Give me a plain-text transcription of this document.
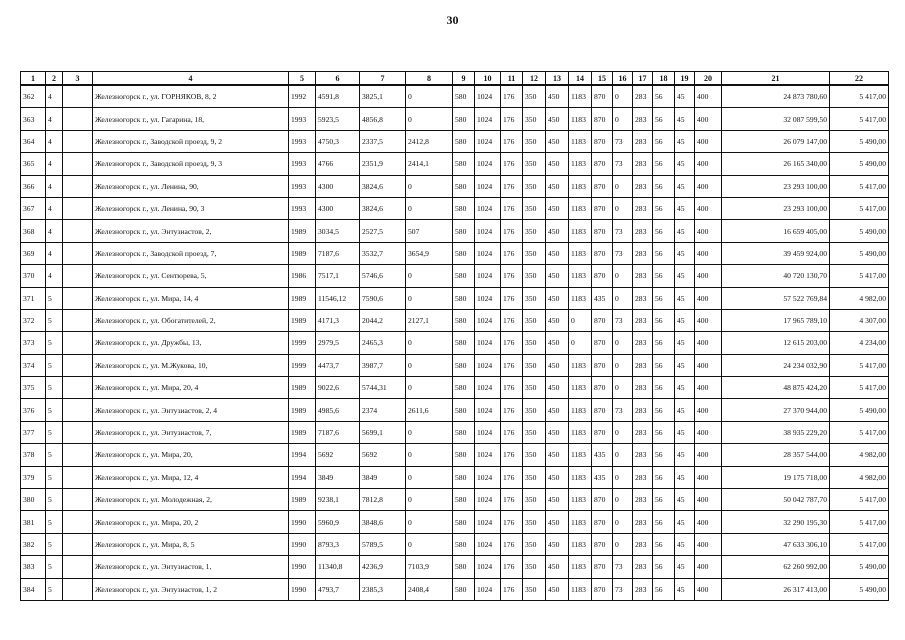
30
1	2	3	4	5	6	7	8	9	10	11	12	13	14	15	16	17	18	19	20	21	22
362	4		Железногорск г., ул. ГОРНЯКОВ, 8, 2	1992	4591,8	3825,1	0	580	1024	176	350	450	1183	870	0	283	56	45	400	24 873 780,60	5 417,00
363	4		Железногорск г., ул. Гагарина, 18,	1993	5923,5	4856,8	0	580	1024	176	350	450	1183	870	0	283	56	45	400	32 087 599,50	5 417,00
364	4		Железногорск г., Заводской проезд, 9, 2	1993	4750,3	2337,5	2412,8	580	1024	176	350	450	1183	870	73	283	56	45	400	26 079 147,00	5 490,00
365	4		Железногорск г., Заводской проезд, 9, 3	1993	4766	2351,9	2414,1	580	1024	176	350	450	1183	870	73	283	56	45	400	26 165 340,00	5 490,00
366	4		Железногорск г., ул. Ленина, 90,	1993	4300	3824,6	0	580	1024	176	350	450	1183	870	0	283	56	45	400	23 293 100,00	5 417,00
367	4		Железногорск г., ул. Ленина, 90, 3	1993	4300	3824,6	0	580	1024	176	350	450	1183	870	0	283	56	45	400	23 293 100,00	5 417,00
368	4		Железногорск г., ул. Энтузиастов, 2,	1989	3034,5	2527,5	507	580	1024	176	350	450	1183	870	73	283	56	45	400	16 659 405,00	5 490,00
369	4		Железногорск г., Заводской проезд, 7,	1989	7187,6	3532,7	3654,9	580	1024	176	350	450	1183	870	73	283	56	45	400	39 459 924,00	5 490,00
370	4		Железногорск г., ул. Сентюрева, 5,	1986	7517,1	5746,6	0	580	1024	176	350	450	1183	870	0	283	56	45	400	40 720 130,70	5 417,00
371	5		Железногорск г., ул. Мира, 14, 4	1989	11546,12	7590,6	0	580	1024	176	350	450	1183	435	0	283	56	45	400	57 522 769,84	4 982,00
372	5		Железногорск г., ул. Обогатителей, 2,	1989	4171,3	2044,2	2127,1	580	1024	176	350	450	0	870	73	283	56	45	400	17 965 789,10	4 307,00
373	5		Железногорск г., ул. Дружбы, 13,	1999	2979,5	2465,3	0	580	1024	176	350	450	0	870	0	283	56	45	400	12 615 203,00	4 234,00
374	5		Железногорск г., ул. М.Жукова, 10,	1999	4473,7	3987,7	0	580	1024	176	350	450	1183	870	0	283	56	45	400	24 234 032,90	5 417,00
375	5		Железногорск г., ул. Мира, 20, 4	1989	9022,6	5744,31	0	580	1024	176	350	450	1183	870	0	283	56	45	400	48 875 424,20	5 417,00
376	5		Железногорск г., ул. Энтузиастов, 2, 4	1989	4985,6	2374	2611,6	580	1024	176	350	450	1183	870	73	283	56	45	400	27 370 944,00	5 490,00
377	5		Железногорск г., ул. Энтузиастов, 7,	1989	7187,6	5699,1	0	580	1024	176	350	450	1183	870	0	283	56	45	400	38 935 229,20	5 417,00
378	5		Железногорск г., ул. Мира, 20,	1994	5692	5692	0	580	1024	176	350	450	1183	435	0	283	56	45	400	28 357 544,00	4 982,00
379	5		Железногорск г., ул. Мира, 12, 4	1994	3849	3849	0	580	1024	176	350	450	1183	435	0	283	56	45	400	19 175 718,00	4 982,00
380	5		Железногорск г., ул. Молодежная, 2,	1989	9238,1	7812,8	0	580	1024	176	350	450	1183	870	0	283	56	45	400	50 042 787,70	5 417,00
381	5		Железногорск г., ул. Мира, 20, 2	1990	5960,9	3848,6	0	580	1024	176	350	450	1183	870	0	283	56	45	400	32 290 195,30	5 417,00
382	5		Железногорск г., ул. Мира, 8, 5	1990	8793,3	5789,5	0	580	1024	176	350	450	1183	870	0	283	56	45	400	47 633 306,10	5 417,00
383	5		Железногорск г., ул. Энтузиастов, 1,	1990	11340,8	4236,9	7103,9	580	1024	176	350	450	1183	870	73	283	56	45	400	62 260 992,00	5 490,00
384	5		Железногорск г., ул. Энтузиастов, 1, 2	1990	4793,7	2385,3	2408,4	580	1024	176	350	450	1183	870	73	283	56	45	400	26 317 413,00	5 490,00
